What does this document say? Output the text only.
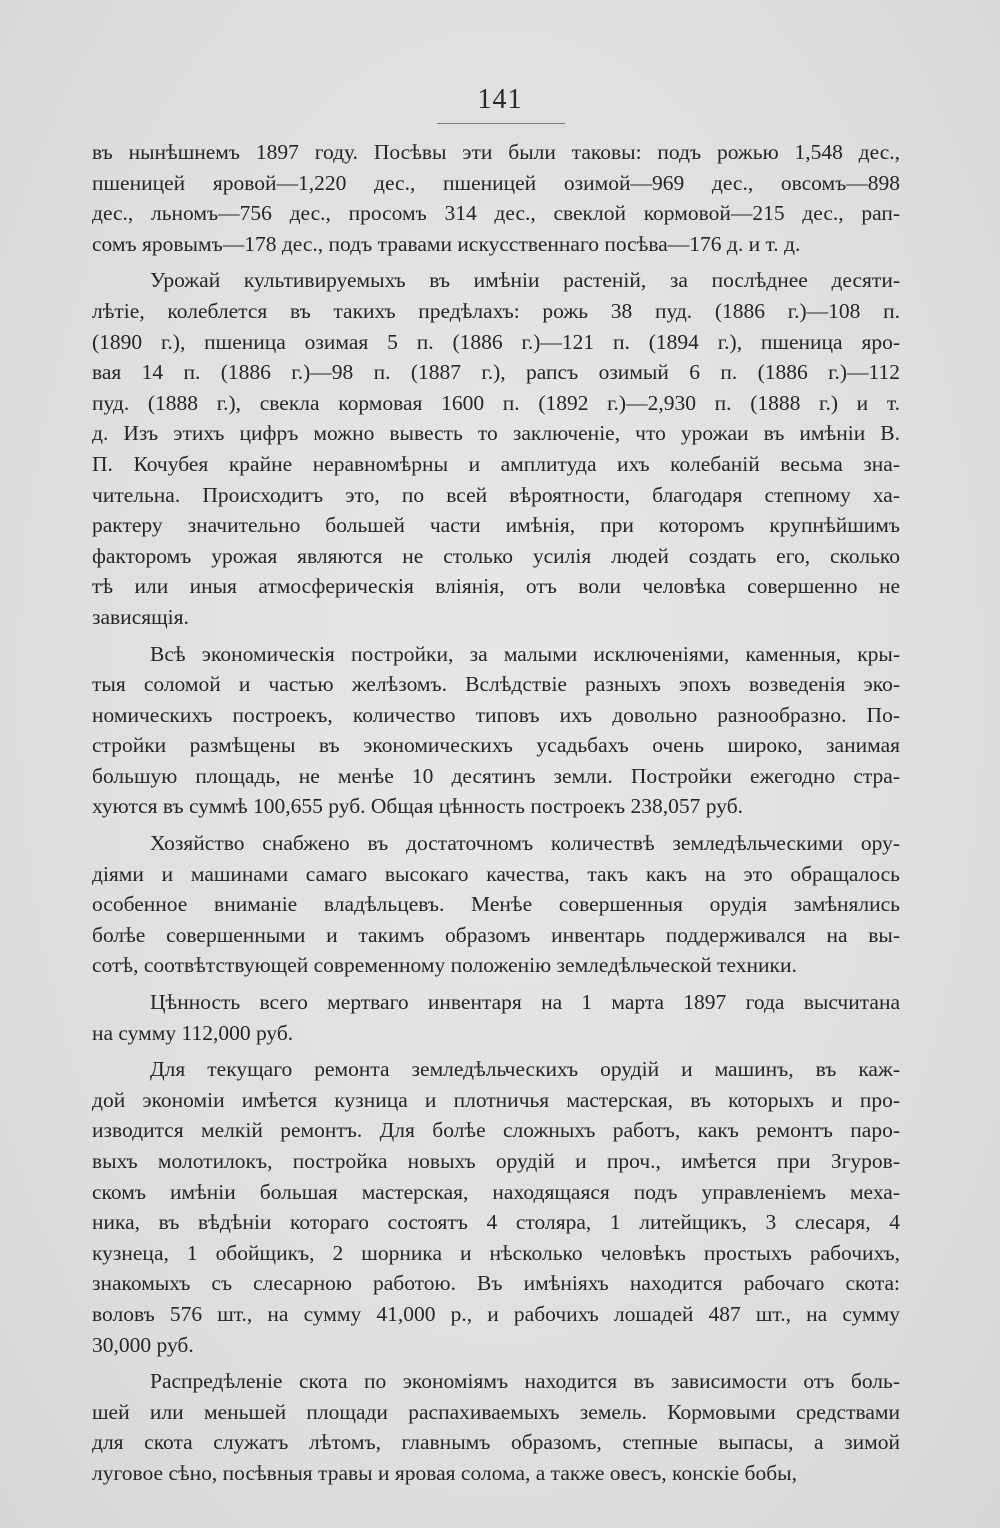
141
въ нынѣшнемъ 1897 году. Посѣвы эти были таковы: подъ рожью 1,548 дес.,
пшеницей яровой—1,220 дес., пшеницей озимой—969 дес., овсомъ—898
дес., льномъ—756 дес., просомъ 314 дес., свеклой кормовой—215 дес., рап-
сомъ яровымъ—178 дес., подъ травами искусственнаго посѣва—176 д. и т. д.
Урожай культивируемыхъ въ имѣніи растеній, за послѣднее десяти-
лѣтіе, колеблется въ такихъ предѣлахъ: рожь 38 пуд. (1886 г.)—108 п.
(1890 г.), пшеница озимая 5 п. (1886 г.)—121 п. (1894 г.), пшеница яро-
вая 14 п. (1886 г.)—98 п. (1887 г.), рапсъ озимый 6 п. (1886 г.)—112
пуд. (1888 г.), свекла кормовая 1600 п. (1892 г.)—2,930 п. (1888 г.) и т.
д. Изъ этихъ цифръ можно вывесть то заключеніе, что урожаи въ имѣніи В.
П. Кочубея крайне неравномѣрны и амплитуда ихъ колебаній весьма зна-
чительна. Происходитъ это, по всей вѣроятности, благодаря степному ха-
рактеру значительно большей части имѣнія, при которомъ крупнѣйшимъ
факторомъ урожая являются не столько усилія людей создать его, сколько
тѣ или иныя атмосферическія вліянія, отъ воли человѣка совершенно не
зависящія.
Всѣ экономическія постройки, за малыми исключеніями, каменныя, кры-
тыя соломой и частью желѣзомъ. Вслѣдствіе разныхъ эпохъ возведенія эко-
номическихъ построекъ, количество типовъ ихъ довольно разнообразно. По-
стройки размѣщены въ экономическихъ усадьбахъ очень широко, занимая
большую площадь, не менѣе 10 десятинъ земли. Постройки ежегодно стра-
хуются въ суммѣ 100,655 руб. Общая цѣнность построекъ 238,057 руб.
Хозяйство снабжено въ достаточномъ количествѣ земледѣльческими ору-
діями и машинами самаго высокаго качества, такъ какъ на это обращалось
особенное вниманіе владѣльцевъ. Менѣе совершенныя орудія замѣнялись
болѣе совершенными и такимъ образомъ инвентарь поддерживался на вы-
сотѣ, соотвѣтствующей современному положенію земледѣльческой техники.
Цѣнность всего мертваго инвентаря на 1 марта 1897 года высчитана
на сумму 112,000 руб.
Для текущаго ремонта земледѣльческихъ орудій и машинъ, въ каж-
дой экономіи имѣется кузница и плотничья мастерская, въ которыхъ и про-
изводится мелкій ремонтъ. Для болѣе сложныхъ работъ, какъ ремонтъ паро-
выхъ молотилокъ, постройка новыхъ орудій и проч., имѣется при Згуров-
скомъ имѣніи большая мастерская, находящаяся подъ управленіемъ меха-
ника, въ вѣдѣніи котораго состоятъ 4 столяра, 1 литейщикъ, 3 слесаря, 4
кузнеца, 1 обойщикъ, 2 шорника и нѣсколько человѣкъ простыхъ рабочихъ,
знакомыхъ съ слесарною работою. Въ имѣніяхъ находится рабочаго скота:
воловъ 576 шт., на сумму 41,000 р., и рабочихъ лошадей 487 шт., на сумму
30,000 руб.
Распредѣленіе скота по экономіямъ находится въ зависимости отъ боль-
шей или меньшей площади распахиваемыхъ земель. Кормовыми средствами
для скота служатъ лѣтомъ, главнымъ образомъ, степные выпасы, а зимой
луговое сѣно, посѣвныя травы и яровая солома, а также овесъ, конскіе бобы,
